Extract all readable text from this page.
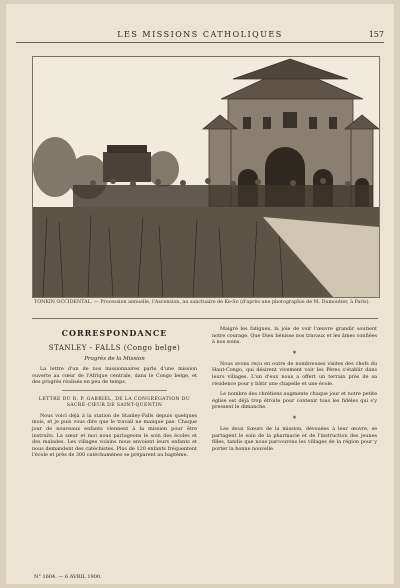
LES MISSIONS CATHOLIQUES	157
TONKIN OCCIDENTAL. — Procession annuelle, l'Ascension, au sanctuaire de Ke-So (d'après une photographie de M. Dumoutier, à Paris).
CORRESPONDANCE
STANLEY - FALLS (Congo belge)
Progrès de la Mission

La lettre d'un de nos missionnaires parle d'une mission ouverte au cœur de l'Afrique centrale, dans le Congo belge, et des progrès réalisés en peu de temps.

LETTRE DU R. P. GABRIEL, DE LA CONGRÉGATION DU SACRÉ-CŒUR DE SAINT-QUENTIN

Nous voici déjà à la station de Stanley-Falls depuis quelques mois, et je puis vous dire que le travail ne manque pas. Chaque jour de nouveaux enfants viennent à la mission pour être instruits. La sœur et moi nous partageons le soin des écoles et des malades. Les villages voisins nous envoient leurs enfants et nous demandent des catéchistes. Plus de 120 enfants fréquentent l'école et près de 300 catéchumènes se préparent au baptême.

Malgré les fatigues, la joie de voir l'œuvre grandir soutient notre courage. Que Dieu bénisse nos travaux et les âmes confiées à nos soins.

*

Nous avons reçu en outre de nombreuses visites des chefs du Haut-Congo, qui désirent vivement voir les Pères s'établir dans leurs villages. L'un d'eux nous a offert un terrain près de sa résidence pour y bâtir une chapelle et une école.

Le nombre des chrétiens augmente chaque jour et notre petite église est déjà trop étroite pour contenir tous les fidèles qui s'y pressent le dimanche.

*

Les deux Sœurs de la mission, dévouées à leur œuvre, se partagent le soin de la pharmacie et de l'instruction des jeunes filles, tandis que nous parcourons les villages de la région pour y porter la bonne nouvelle.

N° 1604. — 6 AVRIL 1900.
